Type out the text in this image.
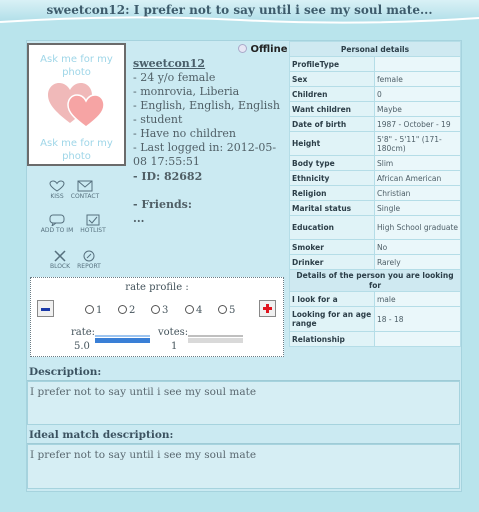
sweetcon12: I prefer not to say until i see my soul mate...
Ask me for my photo
Ask me for my photo
KISS	CONTACT
ADD TO IM	HOTLIST
BLOCK	REPORT
Offline
sweetcon12
- 24 y/o female
- monrovia, Liberia
- English, English, English
- student
- Have no children
- Last logged in: 2012-05-08 17:55:51
- ID: 82682
- Friends:
...
Personal details	
ProfileType	
Sex	female
Children	0
Want children	Maybe
Date of birth	1987 - October - 19
Height	5'8" - 5'11" (171-180cm)
Body type	Slim
Ethnicity	African American
Religion	Christian
Marital status	Single
Education	High School graduate
Smoker	No
Drinker	Rarely
Details of the person you are looking for	
I look for a	male
Looking for an age range	18 - 18
Relationship	
rate profile :
1	2	3	4	5
rate:
5.0
votes:
1
Description:
I prefer not to say until i see my soul mate
Ideal match description:
I prefer not to say until i see my soul mate
